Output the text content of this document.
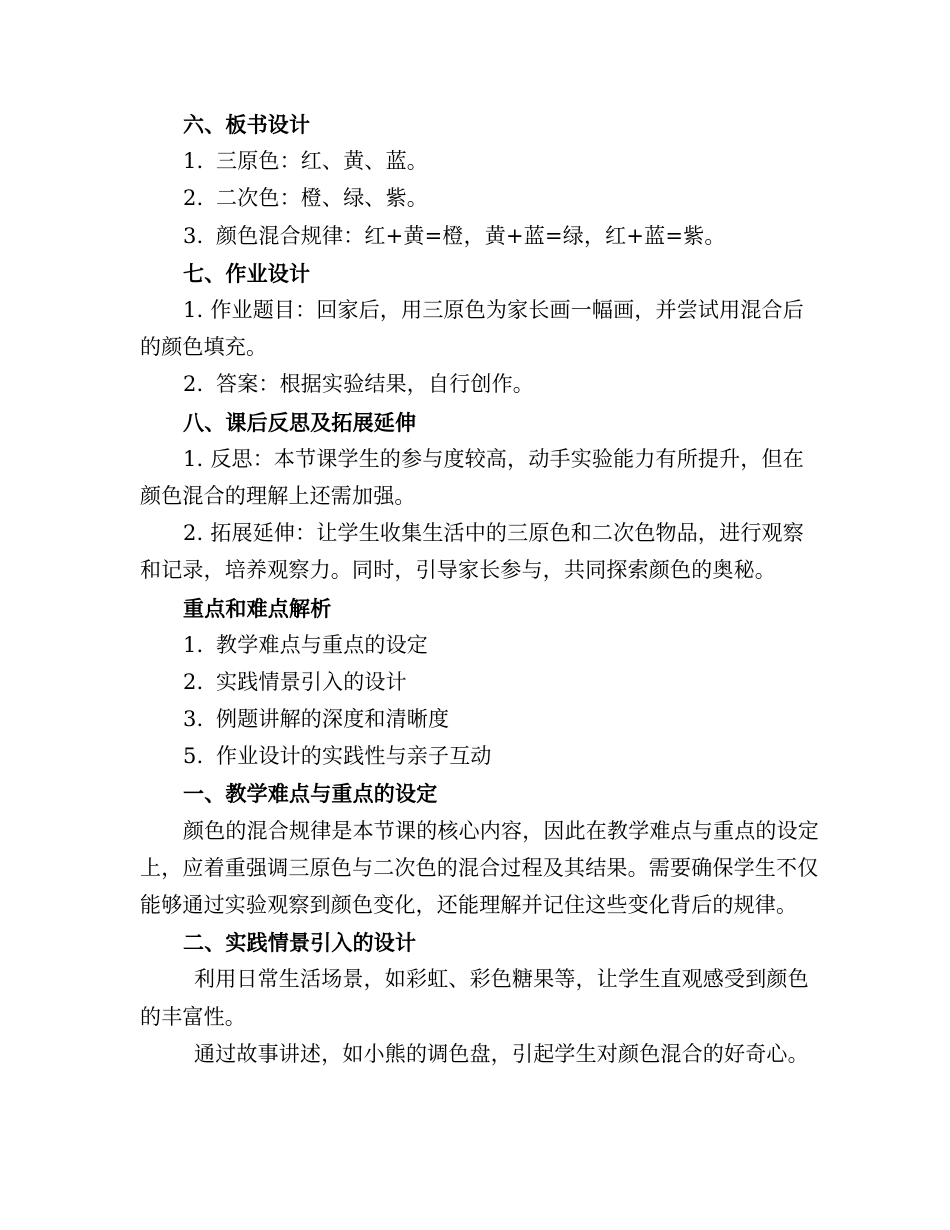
六、板书设计
1. 三原色：红、黄、蓝。
2. 二次色：橙、绿、紫。
3. 颜色混合规律：红+黄=橙，黄+蓝=绿，红+蓝=紫。
七、作业设计
1. 作业题目：回家后，用三原色为家长画一幅画，并尝试用混合后的颜色填充。
2. 答案：根据实验结果，自行创作。
八、课后反思及拓展延伸
1. 反思：本节课学生的参与度较高，动手实验能力有所提升，但在颜色混合的理解上还需加强。
2. 拓展延伸：让学生收集生活中的三原色和二次色物品，进行观察和记录，培养观察力。同时，引导家长参与，共同探索颜色的奥秘。
重点和难点解析
1. 教学难点与重点的设定
2. 实践情景引入的设计
3. 例题讲解的深度和清晰度
5. 作业设计的实践性与亲子互动
一、教学难点与重点的设定
颜色的混合规律是本节课的核心内容，因此在教学难点与重点的设定上，应着重强调三原色与二次色的混合过程及其结果。需要确保学生不仅能够通过实验观察到颜色变化，还能理解并记住这些变化背后的规律。
二、实践情景引入的设计
利用日常生活场景，如彩虹、彩色糖果等，让学生直观感受到颜色的丰富性。
通过故事讲述，如小熊的调色盘，引起学生对颜色混合的好奇心。
